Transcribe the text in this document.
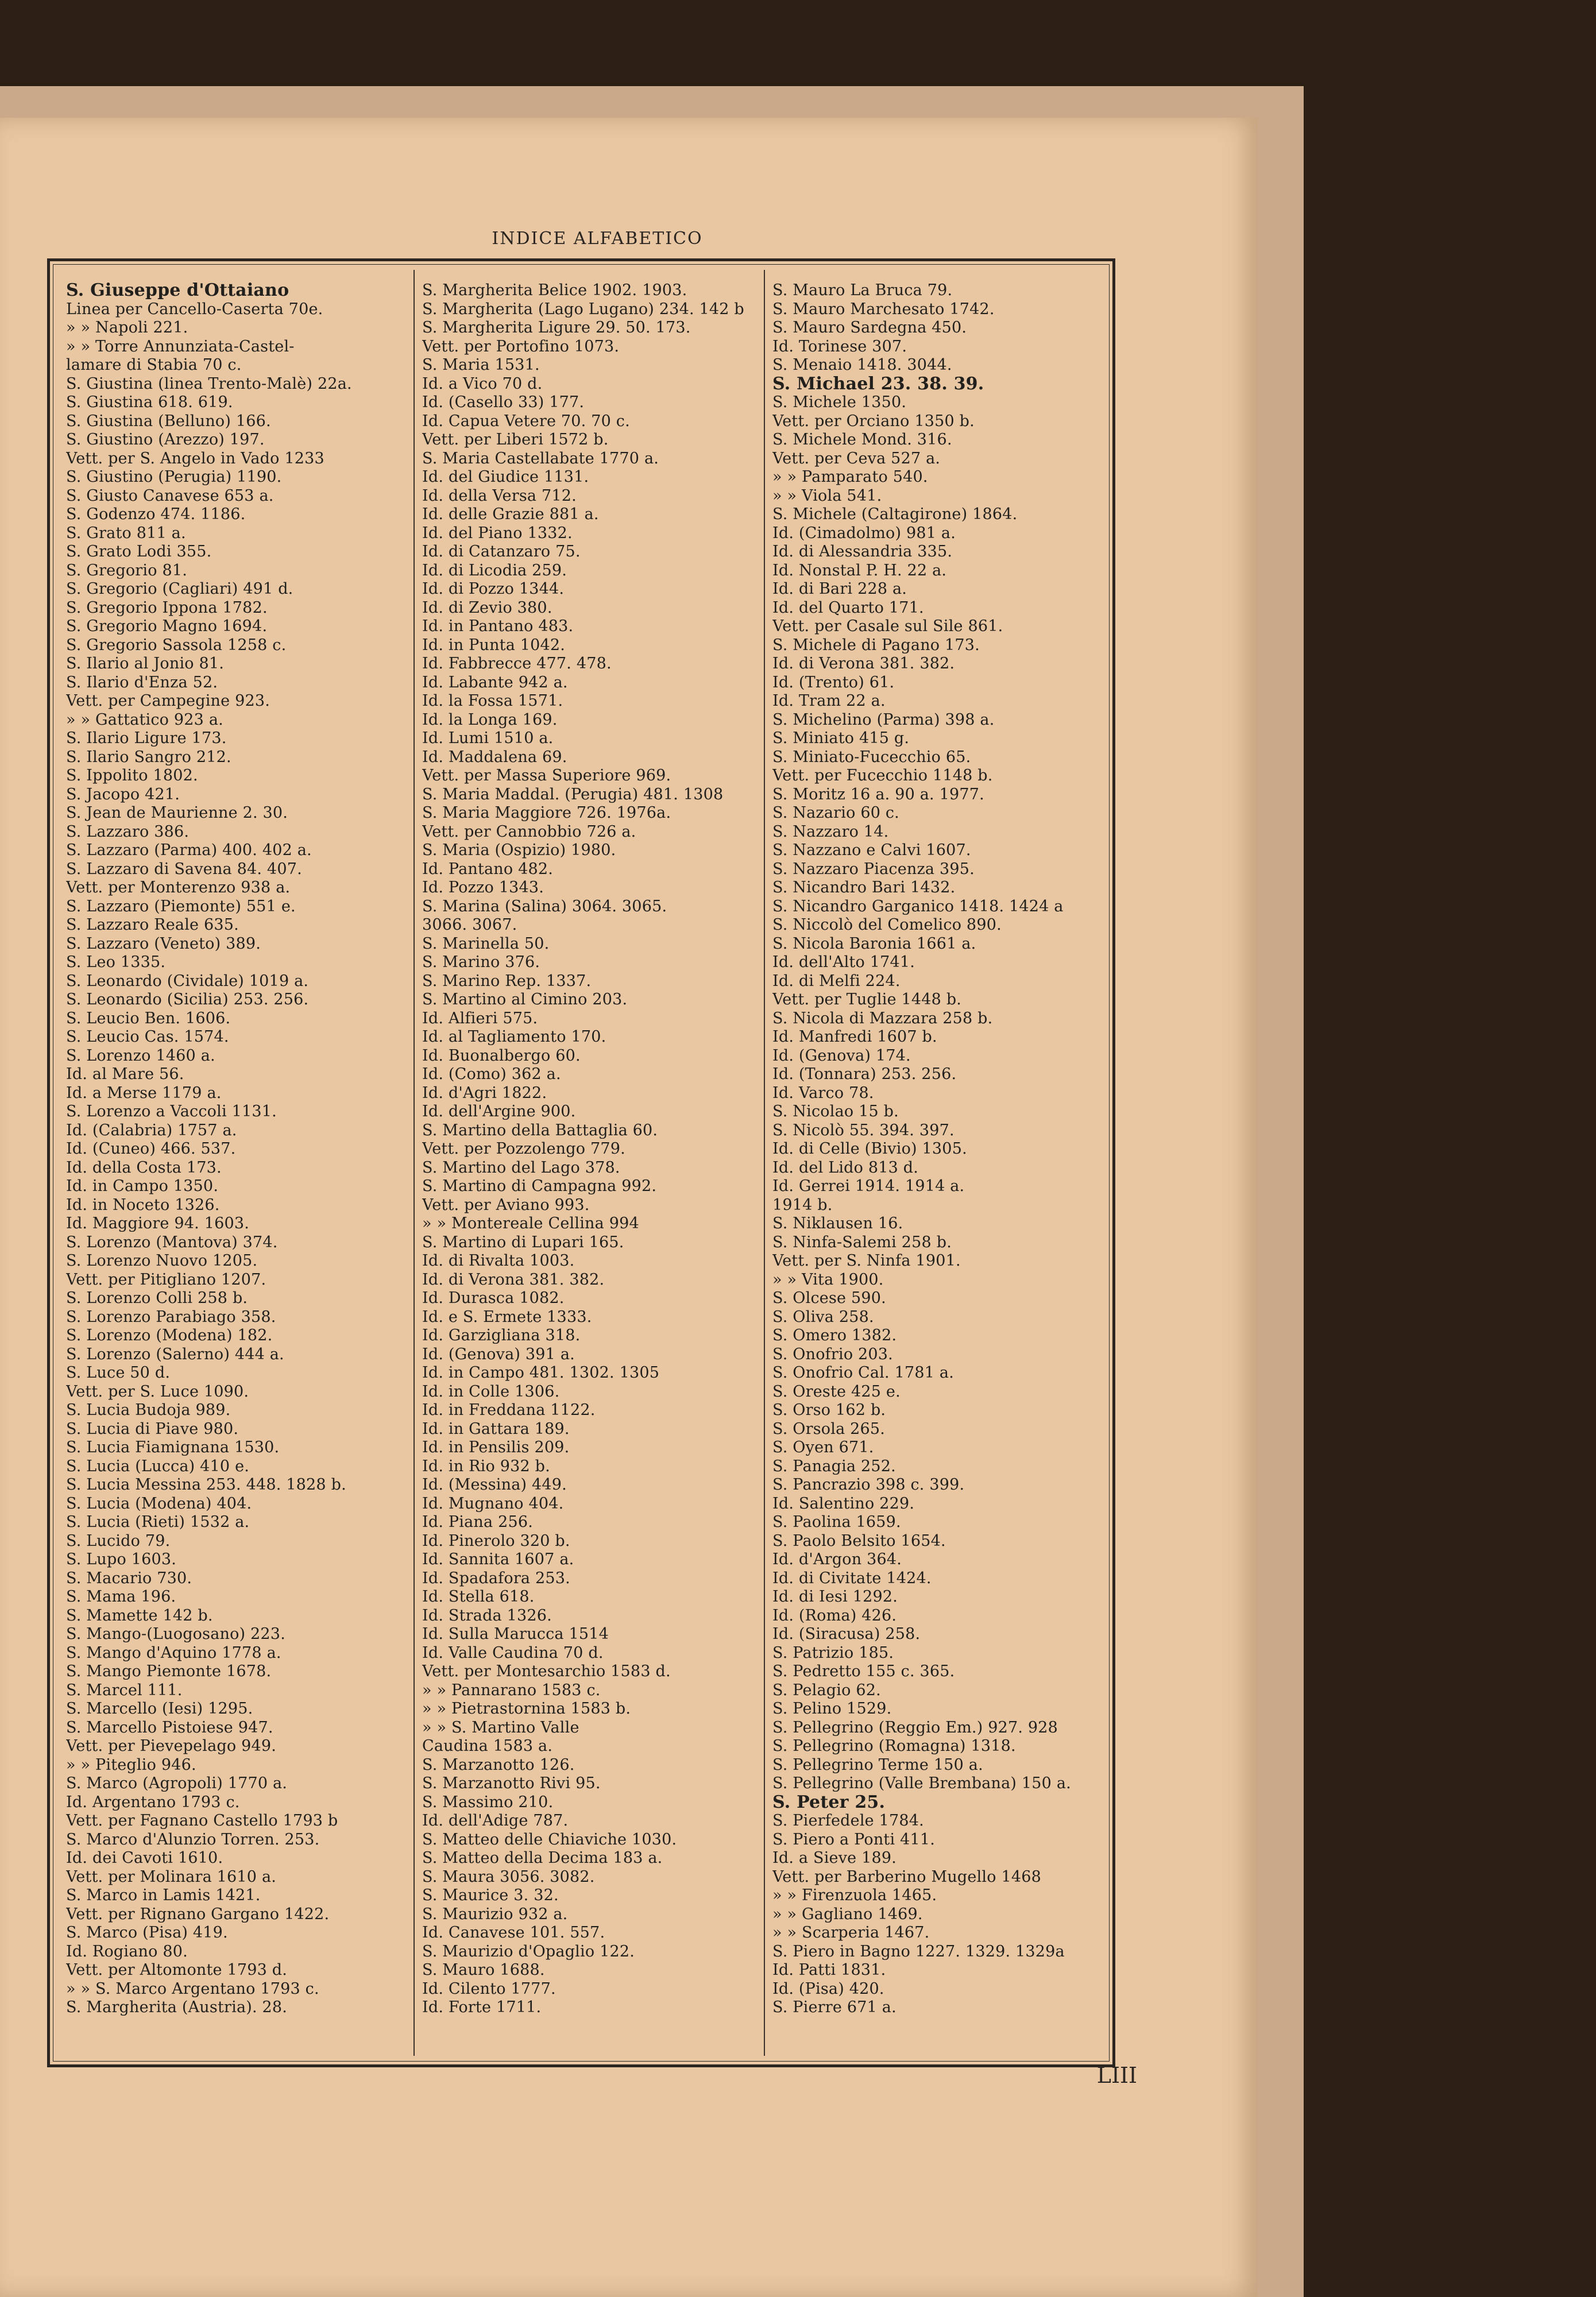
INDICE ALFABETICO
S. Giuseppe d'Ottaiano
Linea per Cancello-Caserta 70e.
» » Napoli 221.
» » Torre Annunziata-Castel-
lamare di Stabia 70 c.
S. Giustina (linea Trento-Malè) 22a.
S. Giustina 618. 619.
S. Giustina (Belluno) 166.
S. Giustino (Arezzo) 197.
Vett. per S. Angelo in Vado 1233
S. Giustino (Perugia) 1190.
S. Giusto Canavese 653 a.
S. Godenzo 474. 1186.
S. Grato 811 a.
S. Grato Lodi 355.
S. Gregorio 81.
S. Gregorio (Cagliari) 491 d.
S. Gregorio Ippona 1782.
S. Gregorio Magno 1694.
S. Gregorio Sassola 1258 c.
S. Ilario al Jonio 81.
S. Ilario d'Enza 52.
Vett. per Campegine 923.
» » Gattatico 923 a.
S. Ilario Ligure 173.
S. Ilario Sangro 212.
S. Ippolito 1802.
S. Jacopo 421.
S. Jean de Maurienne 2. 30.
S. Lazzaro 386.
S. Lazzaro (Parma) 400. 402 a.
S. Lazzaro di Savena 84. 407.
Vett. per Monterenzo 938 a.
S. Lazzaro (Piemonte) 551 e.
S. Lazzaro Reale 635.
S. Lazzaro (Veneto) 389.
S. Leo 1335.
S. Leonardo (Cividale) 1019 a.
S. Leonardo (Sicilia) 253. 256.
S. Leucio Ben. 1606.
S. Leucio Cas. 1574.
S. Lorenzo 1460 a.
Id. al Mare 56.
Id. a Merse 1179 a.
S. Lorenzo a Vaccoli 1131.
Id. (Calabria) 1757 a.
Id. (Cuneo) 466. 537.
Id. della Costa 173.
Id. in Campo 1350.
Id. in Noceto 1326.
Id. Maggiore 94. 1603.
S. Lorenzo (Mantova) 374.
S. Lorenzo Nuovo 1205.
Vett. per Pitigliano 1207.
S. Lorenzo Colli 258 b.
S. Lorenzo Parabiago 358.
S. Lorenzo (Modena) 182.
S. Lorenzo (Salerno) 444 a.
S. Luce 50 d.
Vett. per S. Luce 1090.
S. Lucia Budoja 989.
S. Lucia di Piave 980.
S. Lucia Fiamignana 1530.
S. Lucia (Lucca) 410 e.
S. Lucia Messina 253. 448. 1828 b.
S. Lucia (Modena) 404.
S. Lucia (Rieti) 1532 a.
S. Lucido 79.
S. Lupo 1603.
S. Macario 730.
S. Mama 196.
S. Mamette 142 b.
S. Mango-(Luogosano) 223.
S. Mango d'Aquino 1778 a.
S. Mango Piemonte 1678.
S. Marcel 111.
S. Marcello (Iesi) 1295.
S. Marcello Pistoiese 947.
Vett. per Pievepelago 949.
» » Piteglio 946.
S. Marco (Agropoli) 1770 a.
Id. Argentano 1793 c.
Vett. per Fagnano Castello 1793 b
S. Marco d'Alunzio Torren. 253.
Id. dei Cavoti 1610.
Vett. per Molinara 1610 a.
S. Marco in Lamis 1421.
Vett. per Rignano Gargano 1422.
S. Marco (Pisa) 419.
Id. Rogiano 80.
Vett. per Altomonte 1793 d.
» » S. Marco Argentano 1793 c.
S. Margherita (Austria). 28.
S. Margherita Belice 1902. 1903.
S. Margherita (Lago Lugano) 234. 142 b
S. Margherita Ligure 29. 50. 173.
Vett. per Portofino 1073.
S. Maria 1531.
Id. a Vico 70 d.
Id. (Casello 33) 177.
Id. Capua Vetere 70. 70 c.
Vett. per Liberi 1572 b.
S. Maria Castellabate 1770 a.
Id. del Giudice 1131.
Id. della Versa 712.
Id. delle Grazie 881 a.
Id. del Piano 1332.
Id. di Catanzaro 75.
Id. di Licodia 259.
Id. di Pozzo 1344.
Id. di Zevio 380.
Id. in Pantano 483.
Id. in Punta 1042.
Id. Fabbrecce 477. 478.
Id. Labante 942 a.
Id. la Fossa 1571.
Id. la Longa 169.
Id. Lumi 1510 a.
Id. Maddalena 69.
Vett. per Massa Superiore 969.
S. Maria Maddal. (Perugia) 481. 1308
S. Maria Maggiore 726. 1976a.
Vett. per Cannobbio 726 a.
S. Maria (Ospizio) 1980.
Id. Pantano 482.
Id. Pozzo 1343.
S. Marina (Salina) 3064. 3065.
3066. 3067.
S. Marinella 50.
S. Marino 376.
S. Marino Rep. 1337.
S. Martino al Cimino 203.
Id. Alfieri 575.
Id. al Tagliamento 170.
Id. Buonalbergo 60.
Id. (Como) 362 a.
Id. d'Agri 1822.
Id. dell'Argine 900.
S. Martino della Battaglia 60.
Vett. per Pozzolengo 779.
S. Martino del Lago 378.
S. Martino di Campagna 992.
Vett. per Aviano 993.
» » Montereale Cellina 994
S. Martino di Lupari 165.
Id. di Rivalta 1003.
Id. di Verona 381. 382.
Id. Durasca 1082.
Id. e S. Ermete 1333.
Id. Garzigliana 318.
Id. (Genova) 391 a.
Id. in Campo 481. 1302. 1305
Id. in Colle 1306.
Id. in Freddana 1122.
Id. in Gattara 189.
Id. in Pensilis 209.
Id. in Rio 932 b.
Id. (Messina) 449.
Id. Mugnano 404.
Id. Piana 256.
Id. Pinerolo 320 b.
Id. Sannita 1607 a.
Id. Spadafora 253.
Id. Stella 618.
Id. Strada 1326.
Id. Sulla Marucca 1514
Id. Valle Caudina 70 d.
Vett. per Montesarchio 1583 d.
» » Pannarano 1583 c.
» » Pietrastornina 1583 b.
» » S. Martino Valle
Caudina 1583 a.
S. Marzanotto 126.
S. Marzanotto Rivi 95.
S. Massimo 210.
Id. dell'Adige 787.
S. Matteo delle Chiaviche 1030.
S. Matteo della Decima 183 a.
S. Maura 3056. 3082.
S. Maurice 3. 32.
S. Maurizio 932 a.
Id. Canavese 101. 557.
S. Maurizio d'Opaglio 122.
S. Mauro 1688.
Id. Cilento 1777.
Id. Forte 1711.
S. Mauro La Bruca 79.
S. Mauro Marchesato 1742.
S. Mauro Sardegna 450.
Id. Torinese 307.
S. Menaio 1418. 3044.
S. Michael 23. 38. 39.
S. Michele 1350.
Vett. per Orciano 1350 b.
S. Michele Mond. 316.
Vett. per Ceva 527 a.
» » Pamparato 540.
» » Viola 541.
S. Michele (Caltagirone) 1864.
Id. (Cimadolmo) 981 a.
Id. di Alessandria 335.
Id. Nonstal P. H. 22 a.
Id. di Bari 228 a.
Id. del Quarto 171.
Vett. per Casale sul Sile 861.
S. Michele di Pagano 173.
Id. di Verona 381. 382.
Id. (Trento) 61.
Id. Tram 22 a.
S. Michelino (Parma) 398 a.
S. Miniato 415 g.
S. Miniato-Fucecchio 65.
Vett. per Fucecchio 1148 b.
S. Moritz 16 a. 90 a. 1977.
S. Nazario 60 c.
S. Nazzaro 14.
S. Nazzano e Calvi 1607.
S. Nazzaro Piacenza 395.
S. Nicandro Bari 1432.
S. Nicandro Garganico 1418. 1424 a
S. Niccolò del Comelico 890.
S. Nicola Baronia 1661 a.
Id. dell'Alto 1741.
Id. di Melfi 224.
Vett. per Tuglie 1448 b.
S. Nicola di Mazzara 258 b.
Id. Manfredi 1607 b.
Id. (Genova) 174.
Id. (Tonnara) 253. 256.
Id. Varco 78.
S. Nicolao 15 b.
S. Nicolò 55. 394. 397.
Id. di Celle (Bivio) 1305.
Id. del Lido 813 d.
Id. Gerrei 1914. 1914 a.
1914 b.
S. Niklausen 16.
S. Ninfa-Salemi 258 b.
Vett. per S. Ninfa 1901.
» » Vita 1900.
S. Olcese 590.
S. Oliva 258.
S. Omero 1382.
S. Onofrio 203.
S. Onofrio Cal. 1781 a.
S. Oreste 425 e.
S. Orso 162 b.
S. Orsola 265.
S. Oyen 671.
S. Panagia 252.
S. Pancrazio 398 c. 399.
Id. Salentino 229.
S. Paolina 1659.
S. Paolo Belsito 1654.
Id. d'Argon 364.
Id. di Civitate 1424.
Id. di Iesi 1292.
Id. (Roma) 426.
Id. (Siracusa) 258.
S. Patrizio 185.
S. Pedretto 155 c. 365.
S. Pelagio 62.
S. Pelino 1529.
S. Pellegrino (Reggio Em.) 927. 928
S. Pellegrino (Romagna) 1318.
S. Pellegrino Terme 150 a.
S. Pellegrino (Valle Brembana) 150 a.
S. Peter 25.
S. Pierfedele 1784.
S. Piero a Ponti 411.
Id. a Sieve 189.
Vett. per Barberino Mugello 1468
» » Firenzuola 1465.
» » Gagliano 1469.
» » Scarperia 1467.
S. Piero in Bagno 1227. 1329. 1329a
Id. Patti 1831.
Id. (Pisa) 420.
S. Pierre 671 a.
LIII
